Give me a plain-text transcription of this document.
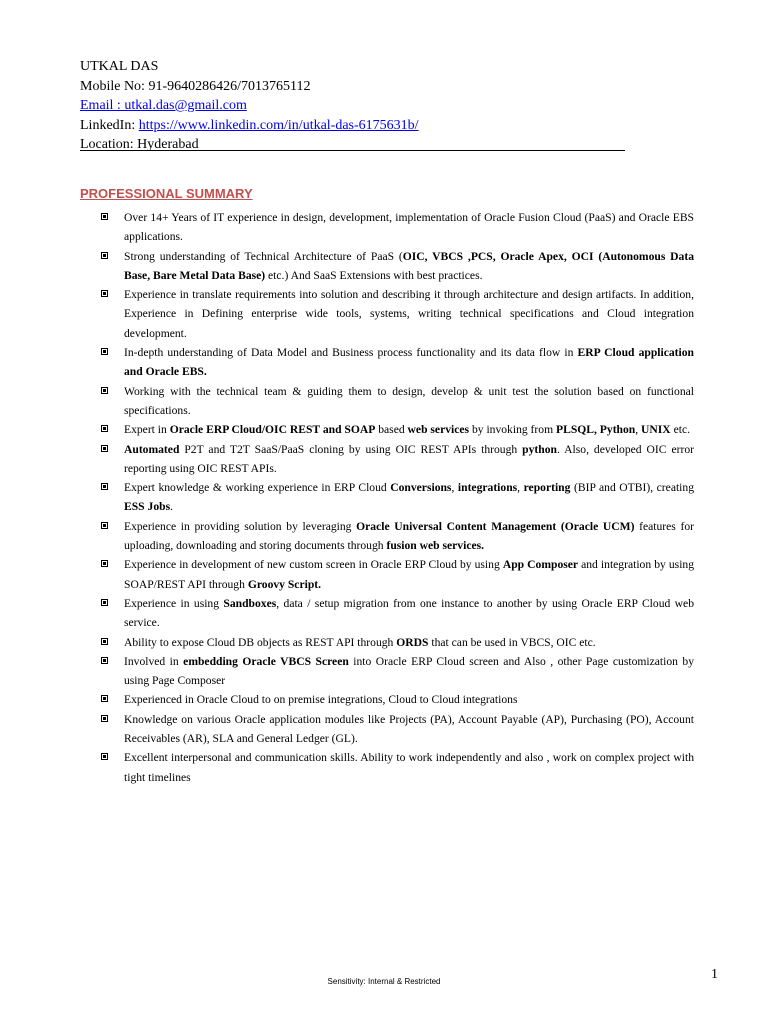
UTKAL DAS
Mobile No: 91-9640286426/7013765112
Email : utkal.das@gmail.com
LinkedIn: https://www.linkedin.com/in/utkal-das-6175631b/
Location: Hyderabad
PROFESSIONAL SUMMARY
Over 14+ Years of IT experience in design, development, implementation of Oracle Fusion Cloud (PaaS) and Oracle EBS applications.
Strong understanding of Technical Architecture of PaaS (OIC, VBCS ,PCS, Oracle Apex, OCI (Autonomous Data Base, Bare Metal Data Base) etc.) And SaaS Extensions with best practices.
Experience in translate requirements into solution and describing it through architecture and design artifacts. In addition, Experience in Defining enterprise wide tools, systems, writing technical specifications and Cloud integration development.
In-depth understanding of Data Model and Business process functionality and its data flow in ERP Cloud application and Oracle EBS.
Working with the technical team & guiding them to design, develop & unit test the solution based on functional specifications.
Expert in Oracle ERP Cloud/OIC REST and SOAP based web services by invoking from PLSQL, Python, UNIX etc.
Automated P2T and T2T SaaS/PaaS cloning by using OIC REST APIs through python. Also, developed OIC error reporting using OIC REST APIs.
Expert knowledge & working experience in ERP Cloud Conversions, integrations, reporting (BIP and OTBI), creating ESS Jobs.
Experience in providing solution by leveraging Oracle Universal Content Management (Oracle UCM) features for uploading, downloading and storing documents through fusion web services.
Experience in development of new custom screen in Oracle ERP Cloud by using App Composer and integration by using SOAP/REST API through Groovy Script.
Experience in using Sandboxes, data / setup migration from one instance to another by using Oracle ERP Cloud web service.
Ability to expose Cloud DB objects as REST API through ORDS that can be used in VBCS, OIC etc.
Involved in embedding Oracle VBCS Screen into Oracle ERP Cloud screen and Also , other Page customization by using Page Composer
Experienced in Oracle Cloud to on premise integrations, Cloud to Cloud integrations
Knowledge on various Oracle application modules like Projects (PA), Account Payable (AP), Purchasing (PO), Account Receivables (AR), SLA and General Ledger (GL).
Excellent interpersonal and communication skills. Ability to work independently and also , work on complex project with tight timelines
Sensitivity: Internal & Restricted	1
